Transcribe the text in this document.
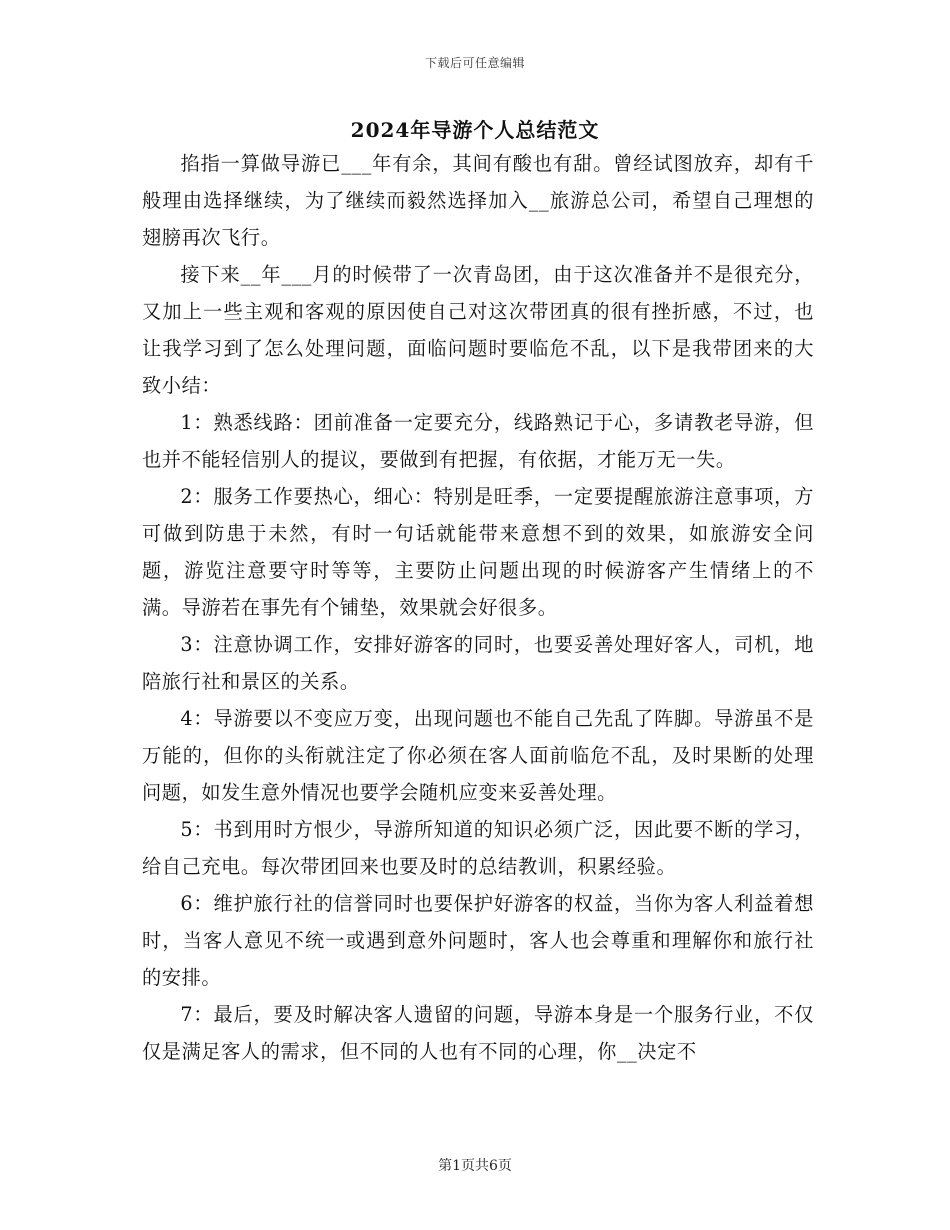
下载后可任意编辑
2024年导游个人总结范文

掐指一算做导游已___年有余，其间有酸也有甜。曾经试图放弃，却有千般理由选择继续，为了继续而毅然选择加入__旅游总公司，希望自己理想的翅膀再次飞行。

接下来__年___月的时候带了一次青岛团，由于这次准备并不是很充分，又加上一些主观和客观的原因使自己对这次带团真的很有挫折感，不过，也让我学习到了怎么处理问题，面临问题时要临危不乱，以下是我带团来的大致小结：

1：熟悉线路：团前准备一定要充分，线路熟记于心，多请教老导游，但也并不能轻信别人的提议，要做到有把握，有依据，才能万无一失。

2：服务工作要热心，细心：特别是旺季，一定要提醒旅游注意事项，方可做到防患于未然，有时一句话就能带来意想不到的效果，如旅游安全问题，游览注意要守时等等，主要防止问题出现的时候游客产生情绪上的不满。导游若在事先有个铺垫，效果就会好很多。

3：注意协调工作，安排好游客的同时，也要妥善处理好客人，司机，地陪旅行社和景区的关系。

4：导游要以不变应万变，出现问题也不能自己先乱了阵脚。导游虽不是万能的，但你的头衔就注定了你必须在客人面前临危不乱，及时果断的处理问题，如发生意外情况也要学会随机应变来妥善处理。

5：书到用时方恨少，导游所知道的知识必须广泛，因此要不断的学习，给自己充电。每次带团回来也要及时的总结教训，积累经验。

6：维护旅行社的信誉同时也要保护好游客的权益，当你为客人利益着想时，当客人意见不统一或遇到意外问题时，客人也会尊重和理解你和旅行社的安排。

7：最后，要及时解决客人遗留的问题，导游本身是一个服务行业，不仅仅是满足客人的需求，但不同的人也有不同的心理，你__决定不

第1页共6页
